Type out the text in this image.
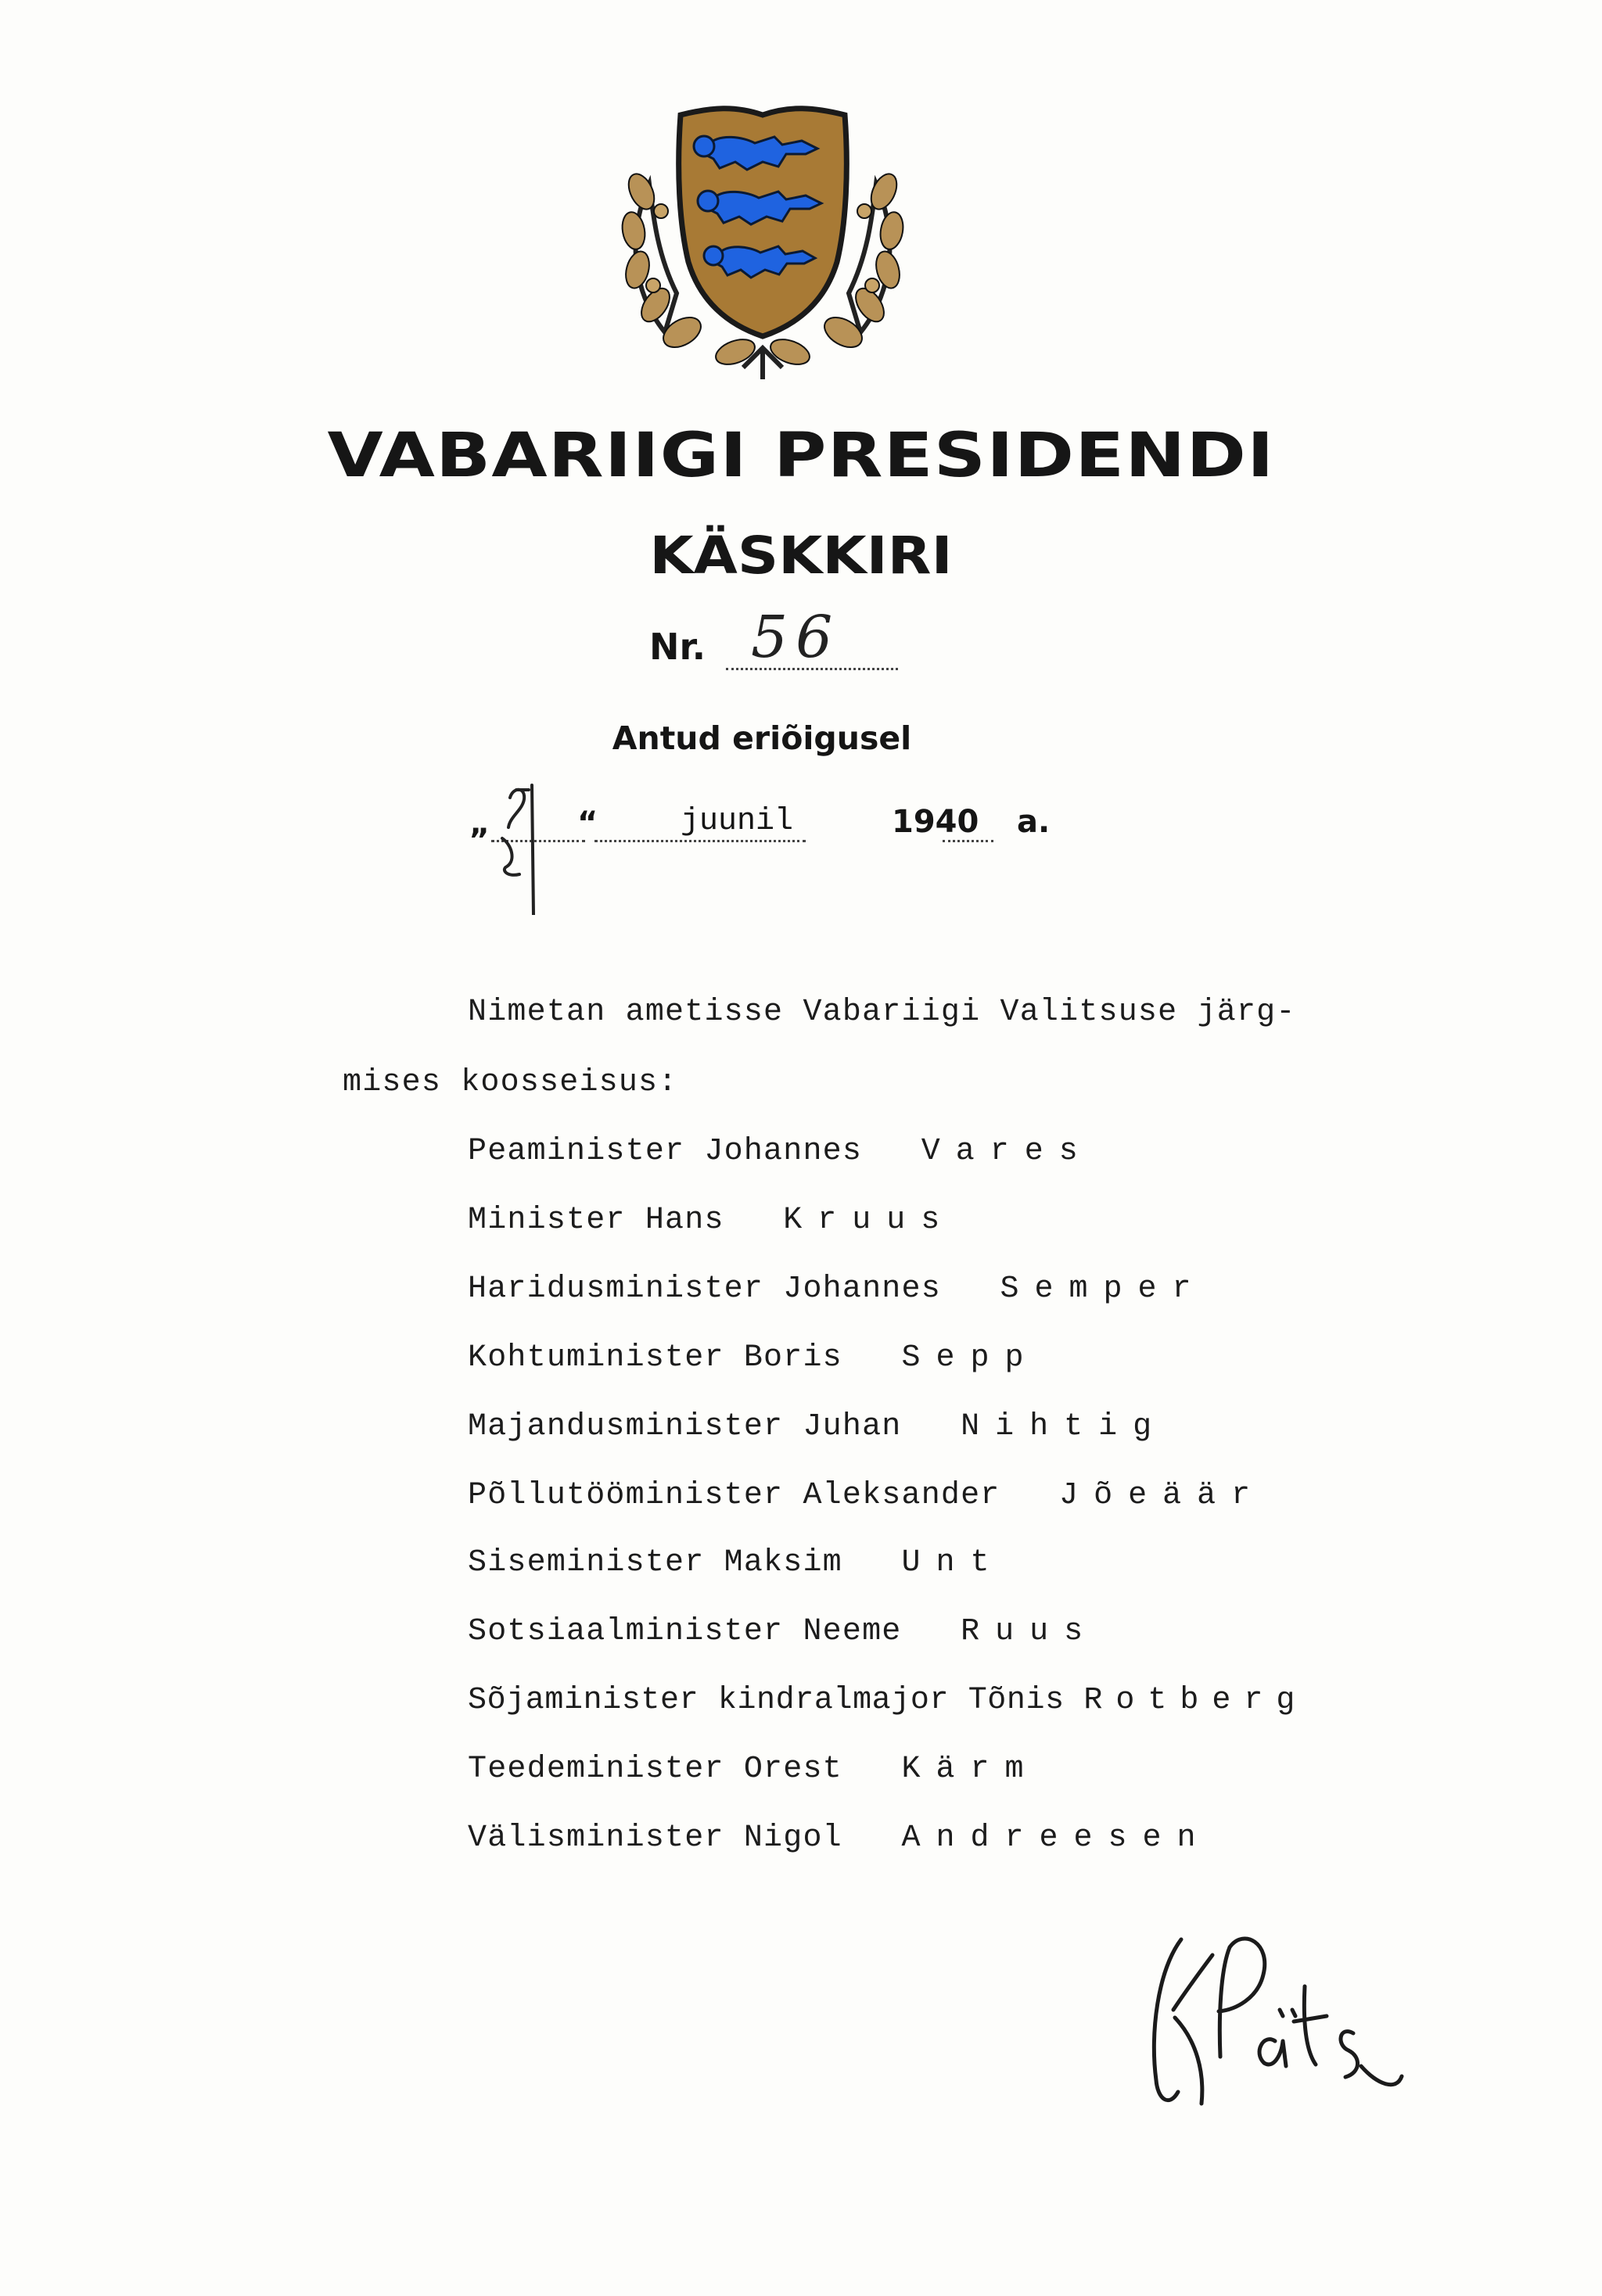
VABARIIGI PRESIDENDI
KÄSKKIRI
Nr. 56
Antud eriõigusel
„
21
“	juunil	1940 a.
Nimetan ametisse Vabariigi Valitsuse järg-
mises koosseisus:
Peaminister Johannes Vares
Minister Hans Kruus
Haridusminister Johannes Semper
Kohtuminister Boris Sepp
Majandusminister Juhan Nihtig
Põllutööminister Aleksander Jõeäär
Siseminister Maksim Unt
Sotsiaalminister Neeme Ruus
Sõjaminister kindralmajor Tõnis Rotberg
Teedeminister Orest Kärm
Välisminister Nigol Andreesen
